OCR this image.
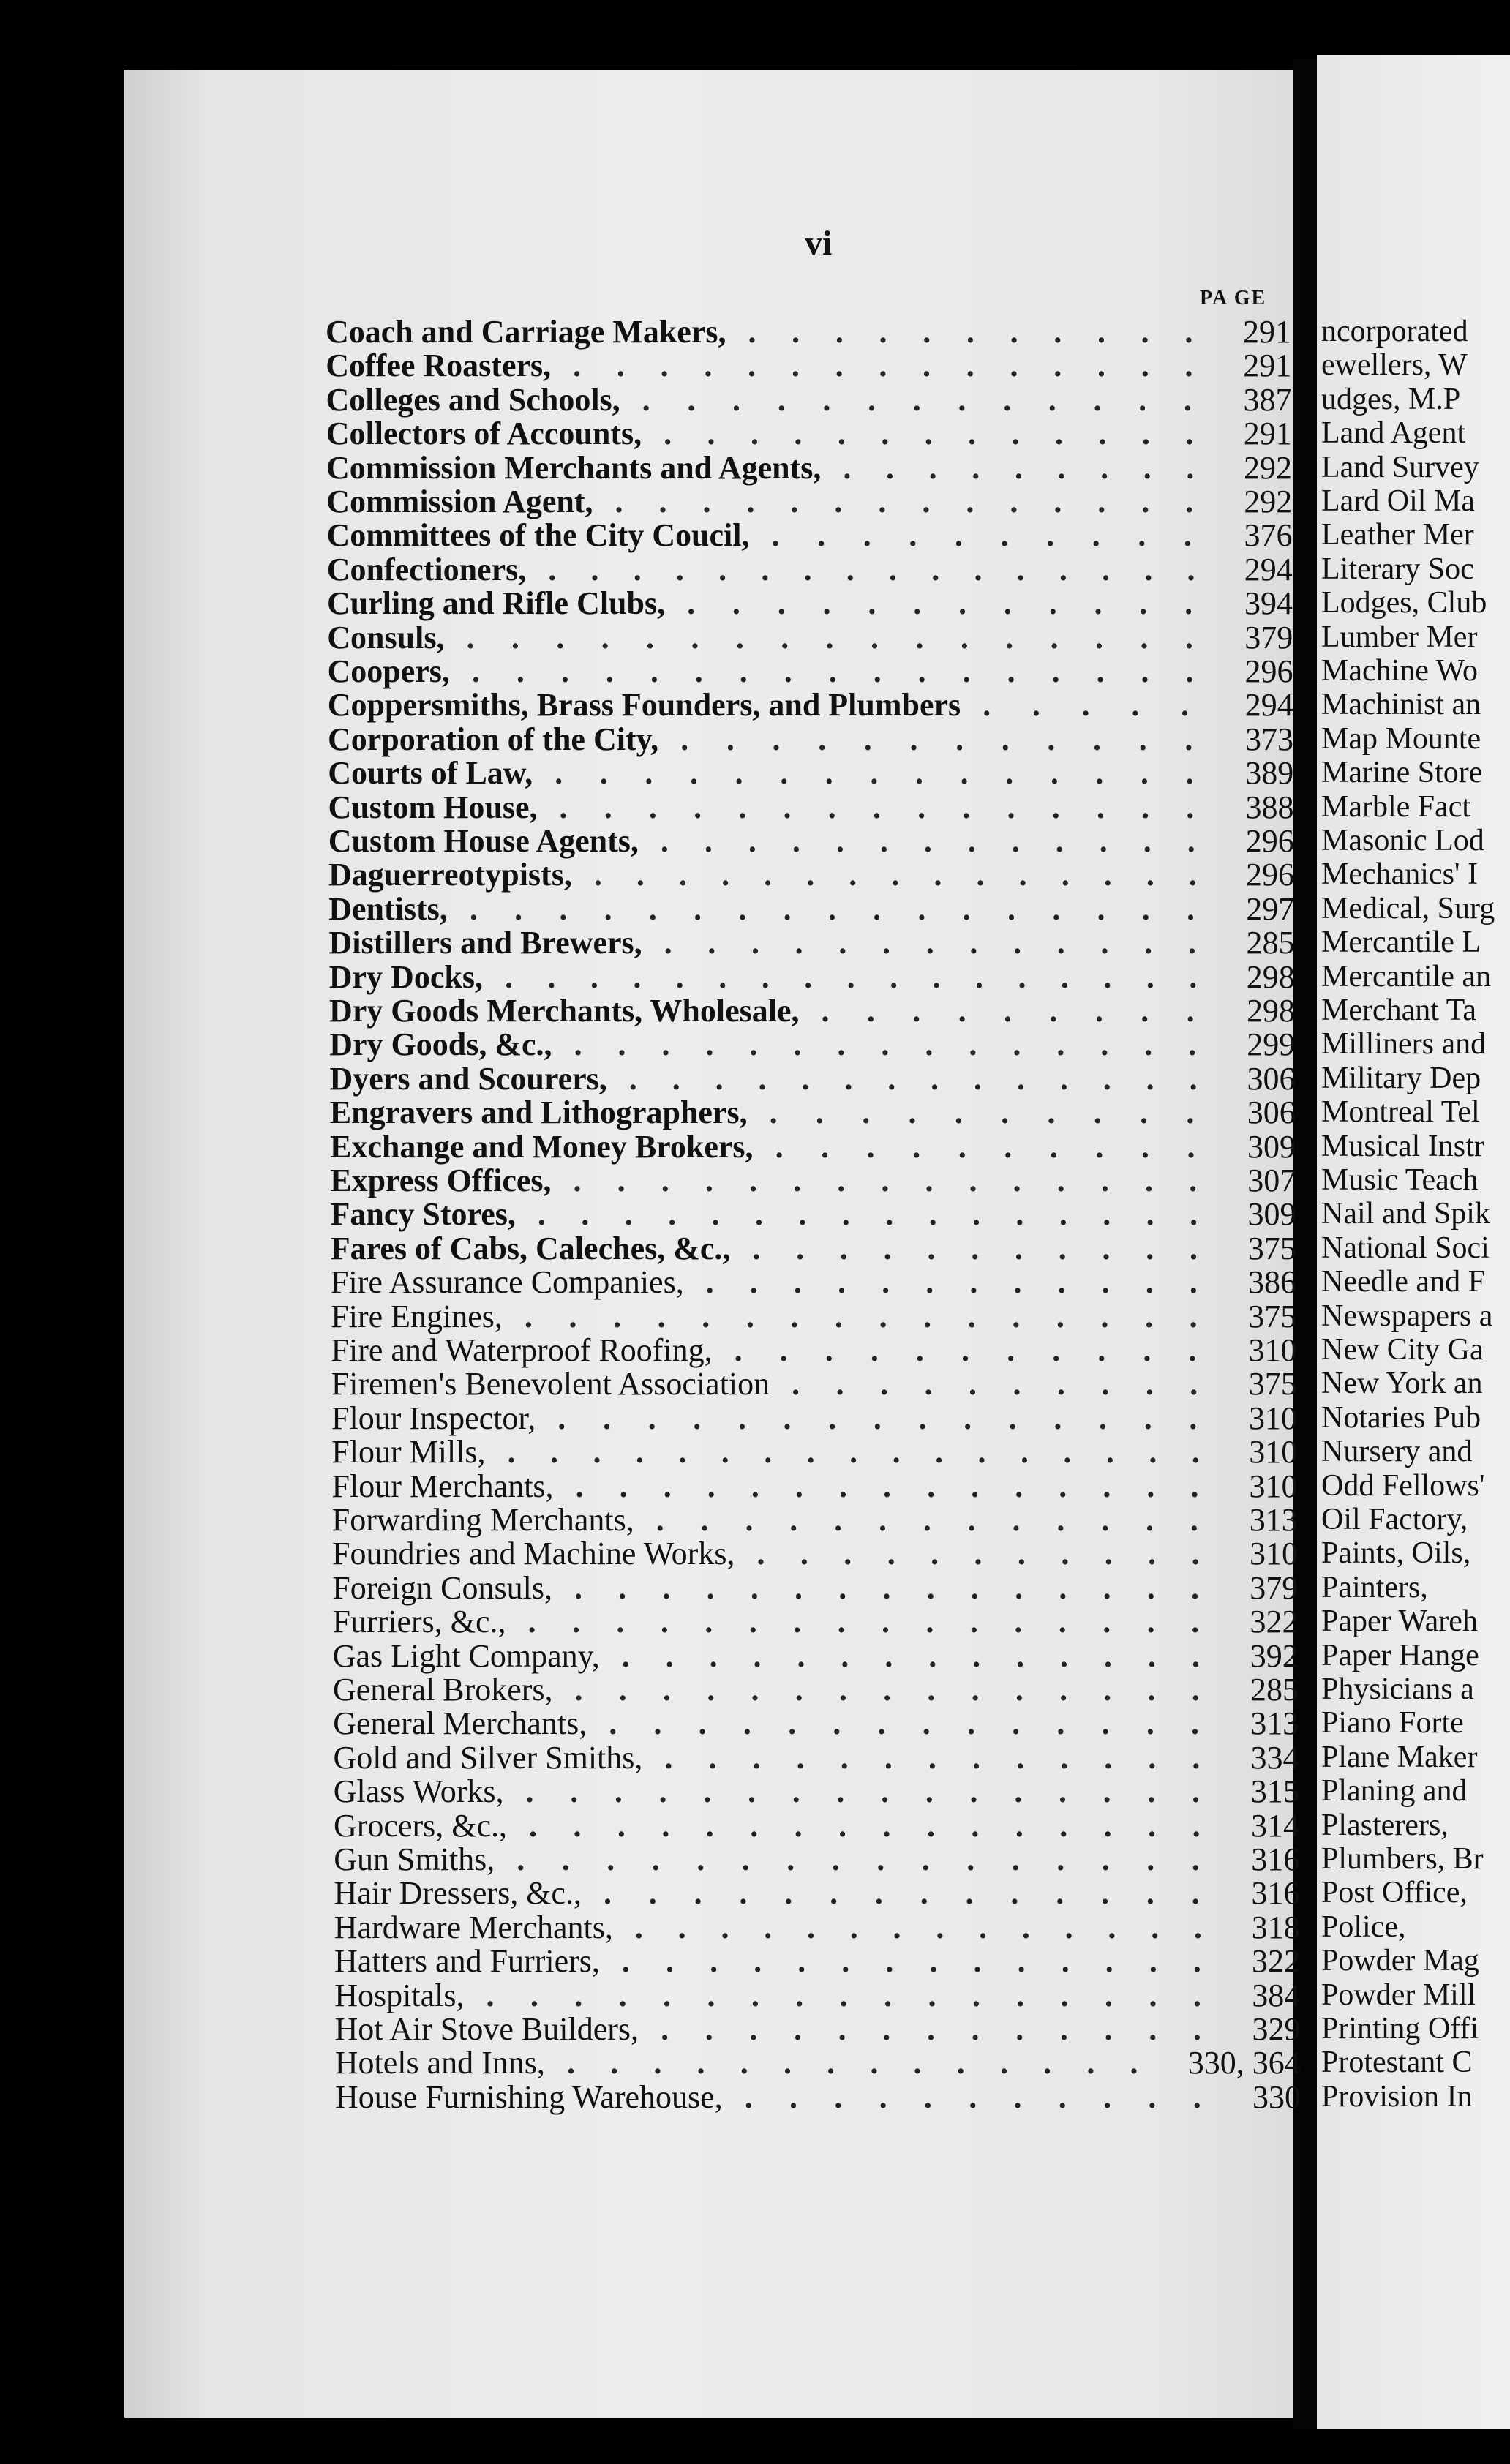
vi
PA GE
Coach and Carriage Makers,	291
...........
Coffee Roasters,	291
...............
Colleges and Schools,	387
.............
Collectors of Accounts,	291
.............
Commission Merchants and Agents,	292
.........
Commission Agent,	292
..............
Committees of the City Coucil,	376
..........
Confectioners,	294
................
Curling and Rifle Clubs,	394
............
Consuls,	379
.................
Coopers,	296
.................
Coppersmiths, Brass Founders, and Plumbers	294
.....
Corporation of the City,	373
............
Courts of Law,	389
...............
Custom House,	388
...............
Custom House Agents,	296
.............
Daguerreotypists,	296
...............
Dentists,	297
.................
Distillers and Brewers,	285
.............
Dry Docks,	298
.................
Dry Goods Merchants, Wholesale,	298
.........
Dry Goods, &c.,	299
...............
Dyers and Scourers,	306
..............
Engravers and Lithographers,	306
..........
Exchange and Money Brokers,	309
..........
Express Offices,	307
...............
Fancy Stores,	309
................
Fares of Cabs, Caleches, &c.,	375
...........
Fire Assurance Companies,	386
............
Fire Engines,	375
................
Fire and Waterproof Roofing,	310
...........
Firemen's Benevolent Association	375
..........
Flour Inspector,	310
...............
Flour Mills,	310
.................
Flour Merchants,	310
...............
Forwarding Merchants,	313
.............
Foundries and Machine Works,	310
...........
Foreign Consuls,	379
...............
Furriers, &c.,	322
................
Gas Light Company,	392
..............
General Brokers,	285
...............
General Merchants,	313
..............
Gold and Silver Smiths,	334
.............
Glass Works,	315
................
Grocers, &c.,	314
................
Gun Smiths,	316
................
Hair Dressers, &c.,	316
..............
Hardware Merchants,	318
..............
Hatters and Furriers,	322
..............
Hospitals,	384
.................
Hot Air Stove Builders,	329
.............
Hotels and Inns,	330, 364
..............
House Furnishing Warehouse,	330
...........
ncorporated
ewellers, W
udges, M.P
Land Agent
Land Survey
Lard Oil Ma
Leather Mer
Literary Soc
Lodges, Club
Lumber Mer
Machine Wo
Machinist an
Map Mounte
Marine Store
Marble Fact
Masonic Lod
Mechanics' I
Medical, Surg
Mercantile L
Mercantile an
Merchant Ta
Milliners and
Military Dep
Montreal Tel
Musical Instr
Music Teach
Nail and Spik
National Soci
Needle and F
Newspapers a
New City Ga
New York an
Notaries Pub
Nursery and
Odd Fellows'
Oil Factory,
Paints, Oils,
Painters,
Paper Wareh
Paper Hange
Physicians a
Piano Forte
Plane Maker
Planing and
Plasterers,
Plumbers, Br
Post Office,
Police,
Powder Mag
Powder Mill
Printing Offi
Protestant C
Provision In
